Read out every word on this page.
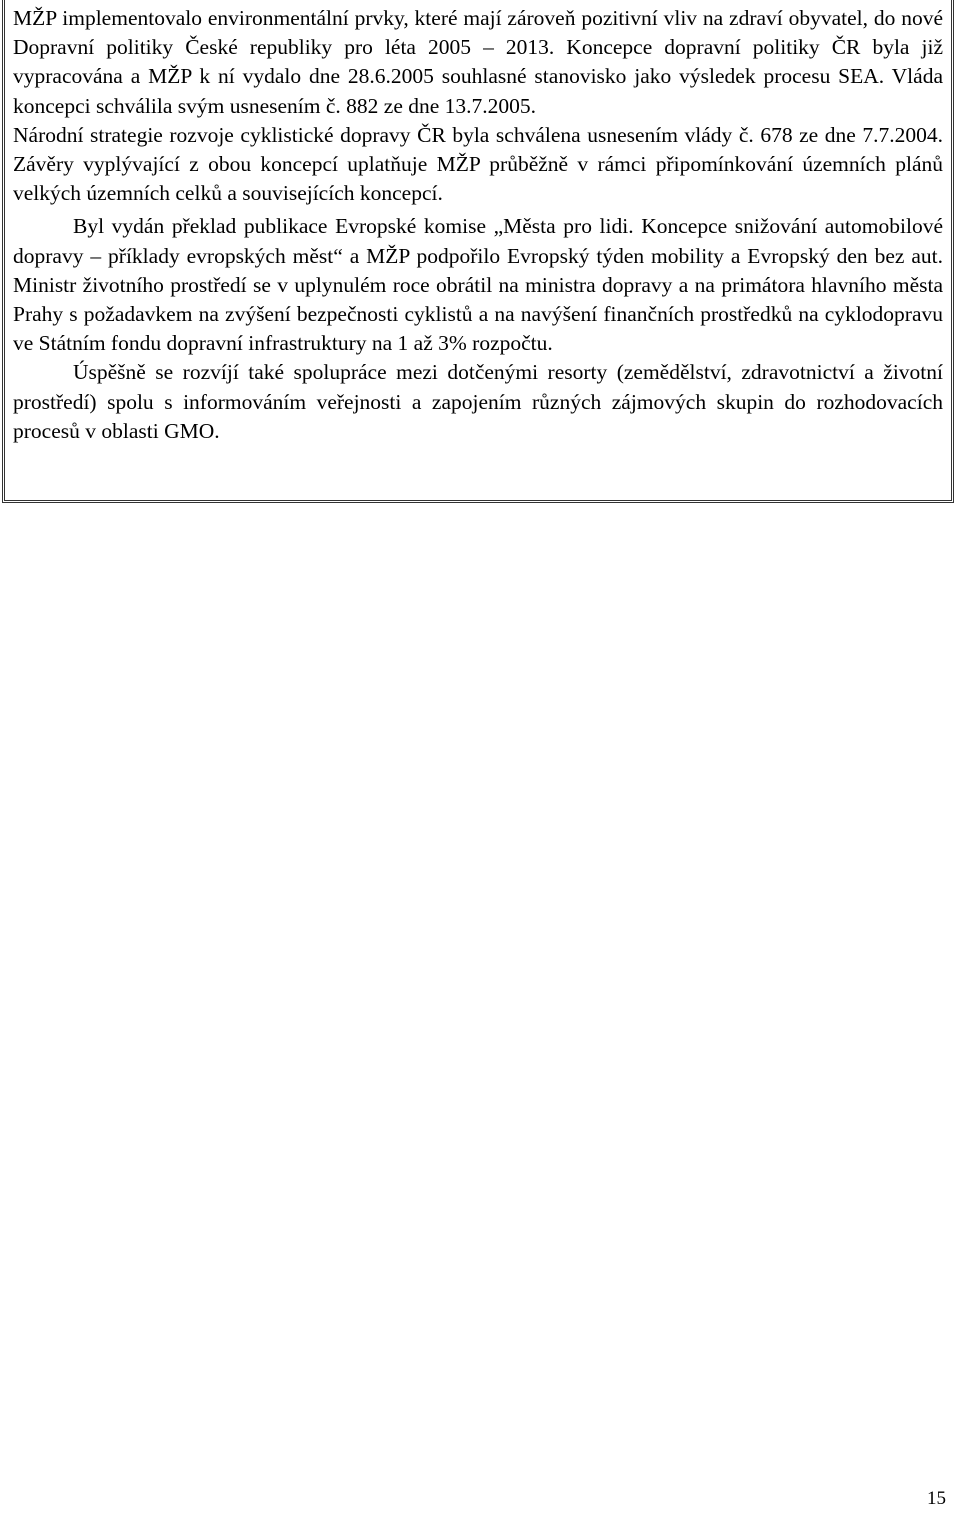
MŽP implementovalo environmentální prvky, které mají zároveň pozitivní vliv na zdraví obyvatel, do nové Dopravní politiky České republiky pro léta 2005 – 2013. Koncepce dopravní politiky ČR byla již vypracována a MŽP k ní vydalo dne 28.6.2005 souhlasné stanovisko jako výsledek procesu SEA. Vláda koncepci schválila svým usnesením č. 882 ze dne 13.7.2005.

Národní strategie rozvoje cyklistické dopravy ČR byla schválena usnesením vlády č. 678 ze dne 7.7.2004. Závěry vyplývající z obou koncepcí uplatňuje MŽP průběžně v rámci připomínkování územních plánů velkých územních celků a souvisejících koncepcí.

Byl vydán překlad publikace Evropské komise „Města pro lidi. Koncepce snižování automobilové dopravy – příklady evropských měst“ a MŽP podpořilo Evropský týden mobility a Evropský den bez aut. Ministr životního prostředí se v uplynulém roce obrátil na ministra dopravy a na primátora hlavního města Prahy s požadavkem na zvýšení bezpečnosti cyklistů a na navýšení finančních prostředků na cyklodopravu ve Státním fondu dopravní infrastruktury na 1 až 3% rozpočtu.

Úspěšně se rozvíjí také spolupráce mezi dotčenými resorty (zemědělství, zdravotnictví a životní prostředí) spolu s informováním veřejnosti a zapojením různých zájmových skupin do rozhodovacích procesů v oblasti GMO.

15
